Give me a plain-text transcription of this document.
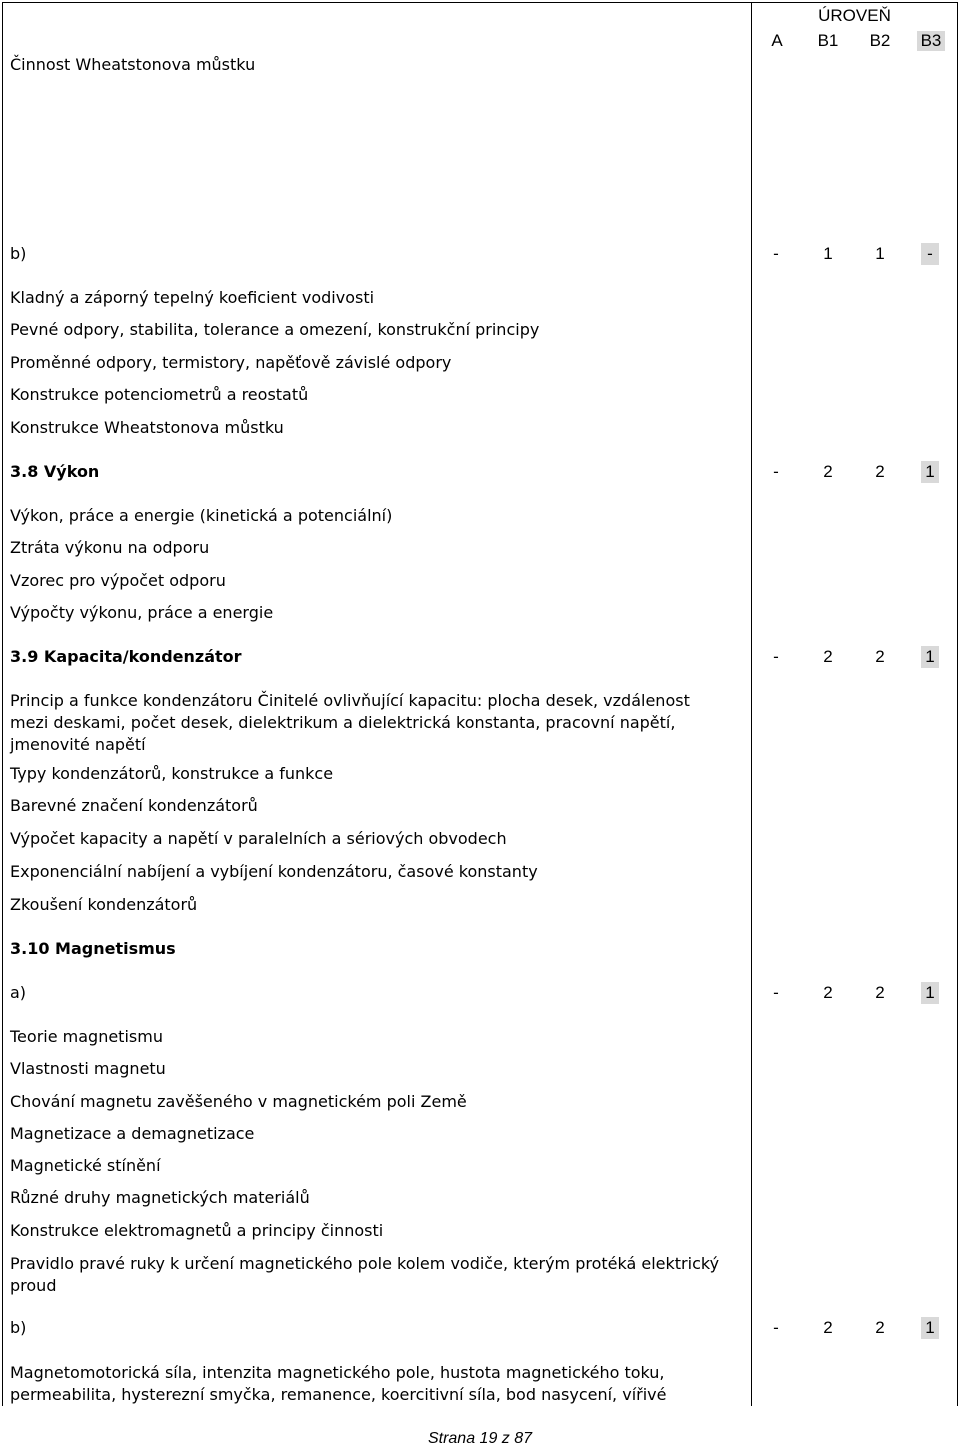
ÚROVEŇ
A	B1	B2	B3
Činnost Wheatstonova můstku
b)	-	1	1	-
Kladný a záporný tepelný koeficient vodivosti
Pevné odpory, stabilita, tolerance a omezení, konstrukční principy
Proměnné odpory, termistory, napěťově závislé odpory
Konstrukce potenciometrů a reostatů
Konstrukce Wheatstonova můstku
3.8 Výkon	-	2	2	1
Výkon, práce a energie (kinetická a potenciální)
Ztráta výkonu na odporu
Vzorec pro výpočet odporu
Výpočty výkonu, práce a energie
3.9 Kapacita/kondenzátor	-	2	2	1
Princip a funkce kondenzátoru Činitelé ovlivňující kapacitu: plocha desek, vzdálenost mezi deskami, počet desek, dielektrikum a dielektrická konstanta, pracovní napětí, jmenovité napětí
Typy kondenzátorů, konstrukce a funkce
Barevné značení kondenzátorů
Výpočet kapacity a napětí v paralelních a sériových obvodech
Exponenciální nabíjení a vybíjení kondenzátoru, časové konstanty
Zkoušení kondenzátorů
3.10 Magnetismus
a)	-	2	2	1
Teorie magnetismu
Vlastnosti magnetu
Chování magnetu zavěšeného v magnetickém poli Země
Magnetizace a demagnetizace
Magnetické stínění
Různé druhy magnetických materiálů
Konstrukce elektromagnetů a principy činnosti
Pravidlo pravé ruky k určení magnetického pole kolem vodiče, kterým protéká elektrický proud
b)	-	2	2	1
Magnetomotorická síla, intenzita magnetického pole, hustota magnetického toku, permeabilita, hysterezní smyčka, remanence, koercitivní síla, bod nasycení, vířivé
Strana 19 z 87
